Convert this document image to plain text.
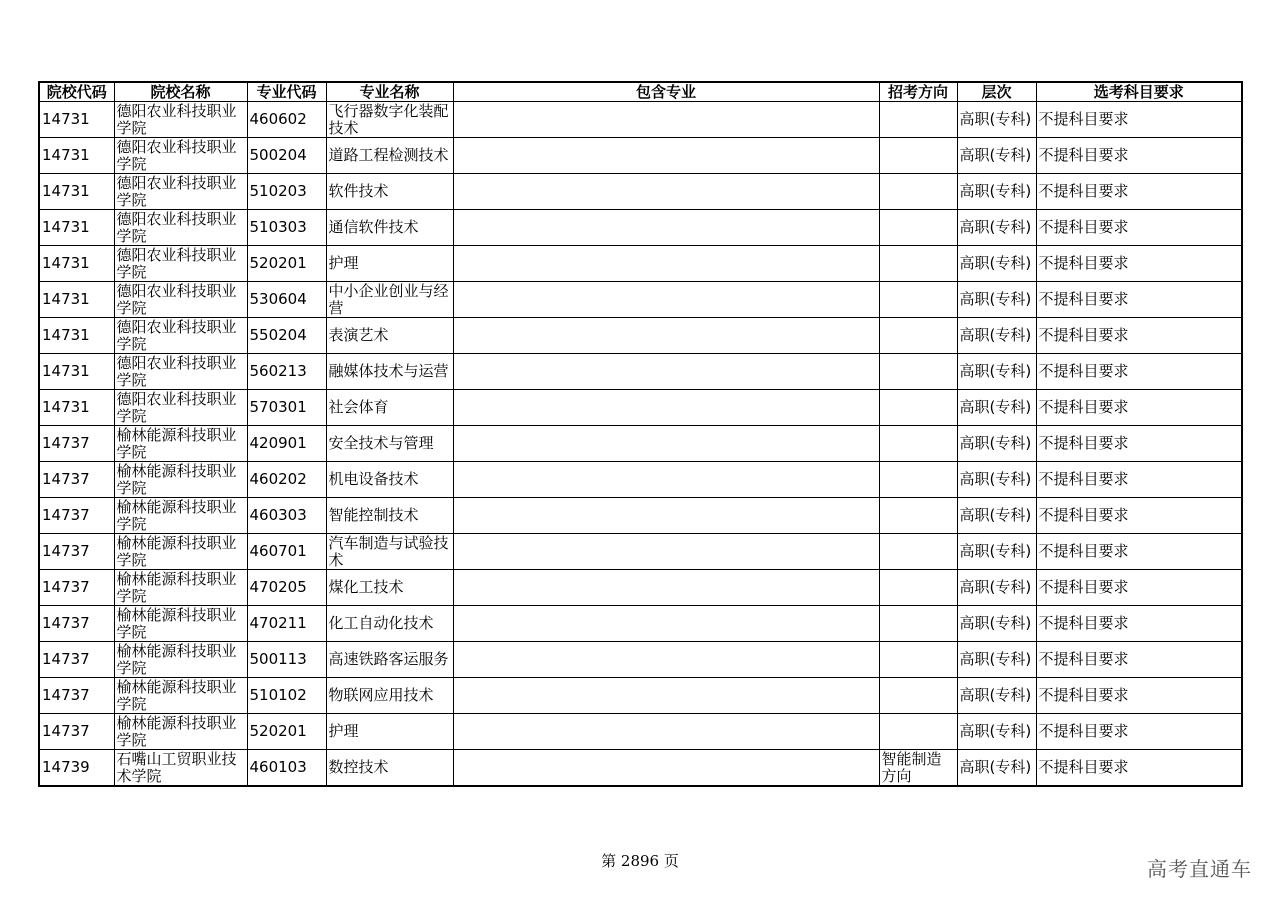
院校代码	院校名称	专业代码	专业名称	包含专业	招考方向	层次	选考科目要求
14731	德阳农业科技职业学院	460602	飞行器数字化装配技术			高职(专科)	不提科目要求
14731	德阳农业科技职业学院	500204	道路工程检测技术			高职(专科)	不提科目要求
14731	德阳农业科技职业学院	510203	软件技术			高职(专科)	不提科目要求
14731	德阳农业科技职业学院	510303	通信软件技术			高职(专科)	不提科目要求
14731	德阳农业科技职业学院	520201	护理			高职(专科)	不提科目要求
14731	德阳农业科技职业学院	530604	中小企业创业与经营			高职(专科)	不提科目要求
14731	德阳农业科技职业学院	550204	表演艺术			高职(专科)	不提科目要求
14731	德阳农业科技职业学院	560213	融媒体技术与运营			高职(专科)	不提科目要求
14731	德阳农业科技职业学院	570301	社会体育			高职(专科)	不提科目要求
14737	榆林能源科技职业学院	420901	安全技术与管理			高职(专科)	不提科目要求
14737	榆林能源科技职业学院	460202	机电设备技术			高职(专科)	不提科目要求
14737	榆林能源科技职业学院	460303	智能控制技术			高职(专科)	不提科目要求
14737	榆林能源科技职业学院	460701	汽车制造与试验技术			高职(专科)	不提科目要求
14737	榆林能源科技职业学院	470205	煤化工技术			高职(专科)	不提科目要求
14737	榆林能源科技职业学院	470211	化工自动化技术			高职(专科)	不提科目要求
14737	榆林能源科技职业学院	500113	高速铁路客运服务			高职(专科)	不提科目要求
14737	榆林能源科技职业学院	510102	物联网应用技术			高职(专科)	不提科目要求
14737	榆林能源科技职业学院	520201	护理			高职(专科)	不提科目要求
14739	石嘴山工贸职业技术学院	460103	数控技术		智能制造方向	高职(专科)	不提科目要求
第 2896 页	高考直通车
